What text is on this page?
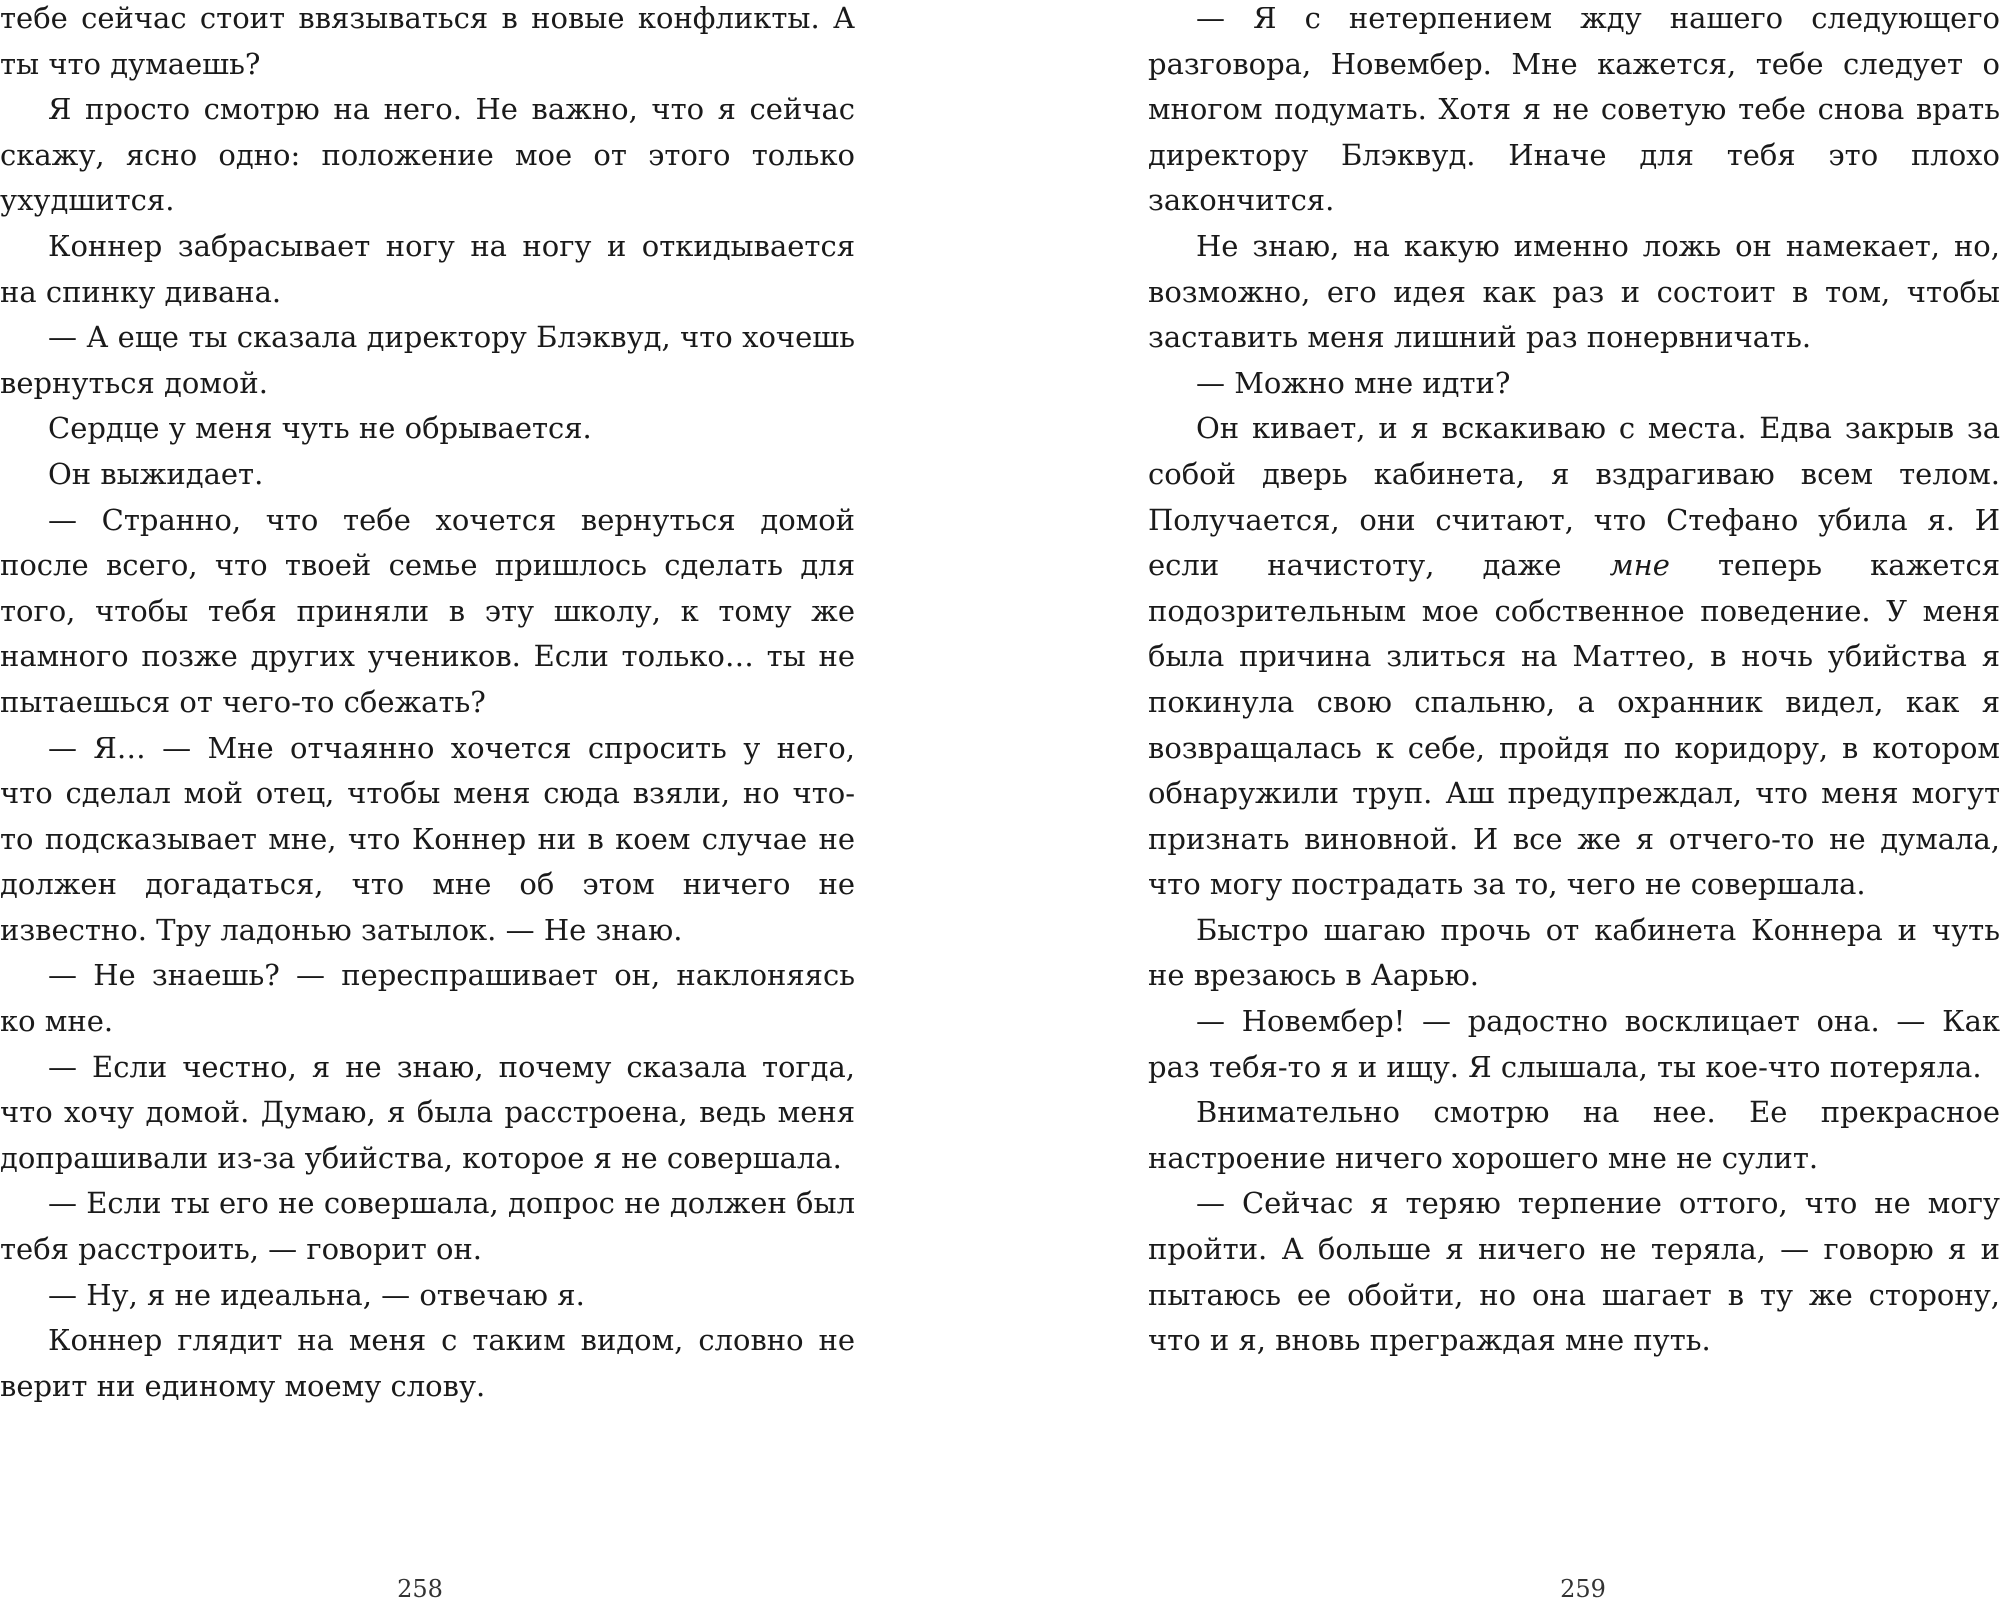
тебе сейчас стоит ввязываться в новые конфликты. А ты что думаешь?

Я просто смотрю на него. Не важно, что я сейчас скажу, ясно одно: положение мое от этого только ухудшится.

Коннер забрасывает ногу на ногу и откидывается на спинку дивана.

— А еще ты сказала директору Блэквуд, что хочешь вернуться домой.

Сердце у меня чуть не обрывается.

Он выжидает.

— Странно, что тебе хочется вернуться домой после всего, что твоей семье пришлось сделать для того, чтобы тебя приняли в эту школу, к тому же намного позже других учеников. Если только… ты не пытаешься от чего-то сбежать?

— Я… — Мне отчаянно хочется спросить у него, что сделал мой отец, чтобы меня сюда взяли, но что-то подсказывает мне, что Коннер ни в коем случае не должен догадаться, что мне об этом ничего не известно. Тру ладонью затылок. — Не знаю.

— Не знаешь? — переспрашивает он, наклоняясь ко мне.

— Если честно, я не знаю, почему сказала тогда, что хочу домой. Думаю, я была расстроена, ведь меня допрашивали из-за убийства, которое я не совершала.

— Если ты его не совершала, допрос не должен был тебя расстроить, — говорит он.

— Ну, я не идеальна, — отвечаю я.

Коннер глядит на меня с таким видом, словно не верит ни единому моему слову.

258

— Я с нетерпением жду нашего следующего разговора, Новембер. Мне кажется, тебе следует о многом подумать. Хотя я не советую тебе снова врать директору Блэквуд. Иначе для тебя это плохо закончится.

Не знаю, на какую именно ложь он намекает, но, возможно, его идея как раз и состоит в том, чтобы заставить меня лишний раз понервничать.

— Можно мне идти?

Он кивает, и я вскакиваю с места. Едва закрыв за собой дверь кабинета, я вздрагиваю всем телом. Получается, они считают, что Стефано убила я. И если начистоту, даже мне теперь кажется подозрительным мое собственное поведение. У меня была причина злиться на Маттео, в ночь убийства я покинула свою спальню, а охранник видел, как я возвращалась к себе, пройдя по коридору, в котором обнаружили труп. Аш предупреждал, что меня могут признать виновной. И все же я отчего-то не думала, что могу пострадать за то, чего не совершала.

Быстро шагаю прочь от кабинета Коннера и чуть не врезаюсь в Аарью.

— Новембер! — радостно восклицает она. — Как раз тебя-то я и ищу. Я слышала, ты кое-что потеряла.

Внимательно смотрю на нее. Ее прекрасное настроение ничего хорошего мне не сулит.

— Сейчас я теряю терпение оттого, что не могу пройти. А больше я ничего не теряла, — говорю я и пытаюсь ее обойти, но она шагает в ту же сторону, что и я, вновь преграждая мне путь.

259
